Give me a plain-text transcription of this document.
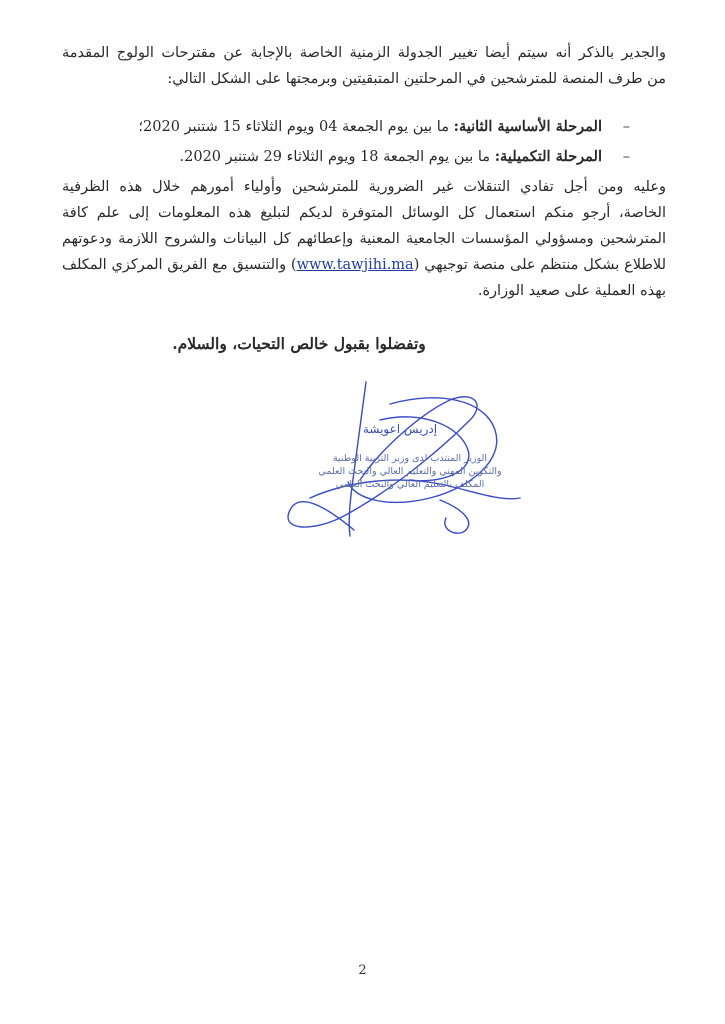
والجدير بالذكر أنه سيتم أيضا تغيير الجدولة الزمنية الخاصة بالإجابة عن مقترحات الولوج المقدمة
من طرف المنصة للمترشحين في المرحلتين المتبقيتين وبرمجتها على الشكل التالي:

–المرحلة الأساسية الثانية: ما بين يوم الجمعة 04 ويوم الثلاثاء 15 شتنبر 2020؛
–المرحلة التكميلية: ما بين يوم الجمعة 18 ويوم الثلاثاء 29 شتنبر 2020.

وعليه ومن أجل تفادي التنقلات غير الضرورية للمترشحين وأولياء أمورهم خلال هذه الظرفية
الخاصة، أرجو منكم استعمال كل الوسائل المتوفرة لديكم لتبليغ هذه المعلومات إلى علم كافة
المترشحين ومسؤولي المؤسسات الجامعية المعنية وإعطائهم كل البيانات والشروح اللازمة ودعوتهم
للاطلاع بشكل منتظم على منصة توجيهي (www.tawjihi.ma) والتنسيق مع الفريق المركزي المكلف
بهذه العملية على صعيد الوزارة.

وتفضلوا بقبول خالص التحيات، والسلام.
إدريس اعويشة
الوزير المنتدب لدى وزير التربية الوطنية
والتكوين المهني والتعليم العالي والبحث العلمي
المكلف بالتعليم العالي والبحث العلمي
2
